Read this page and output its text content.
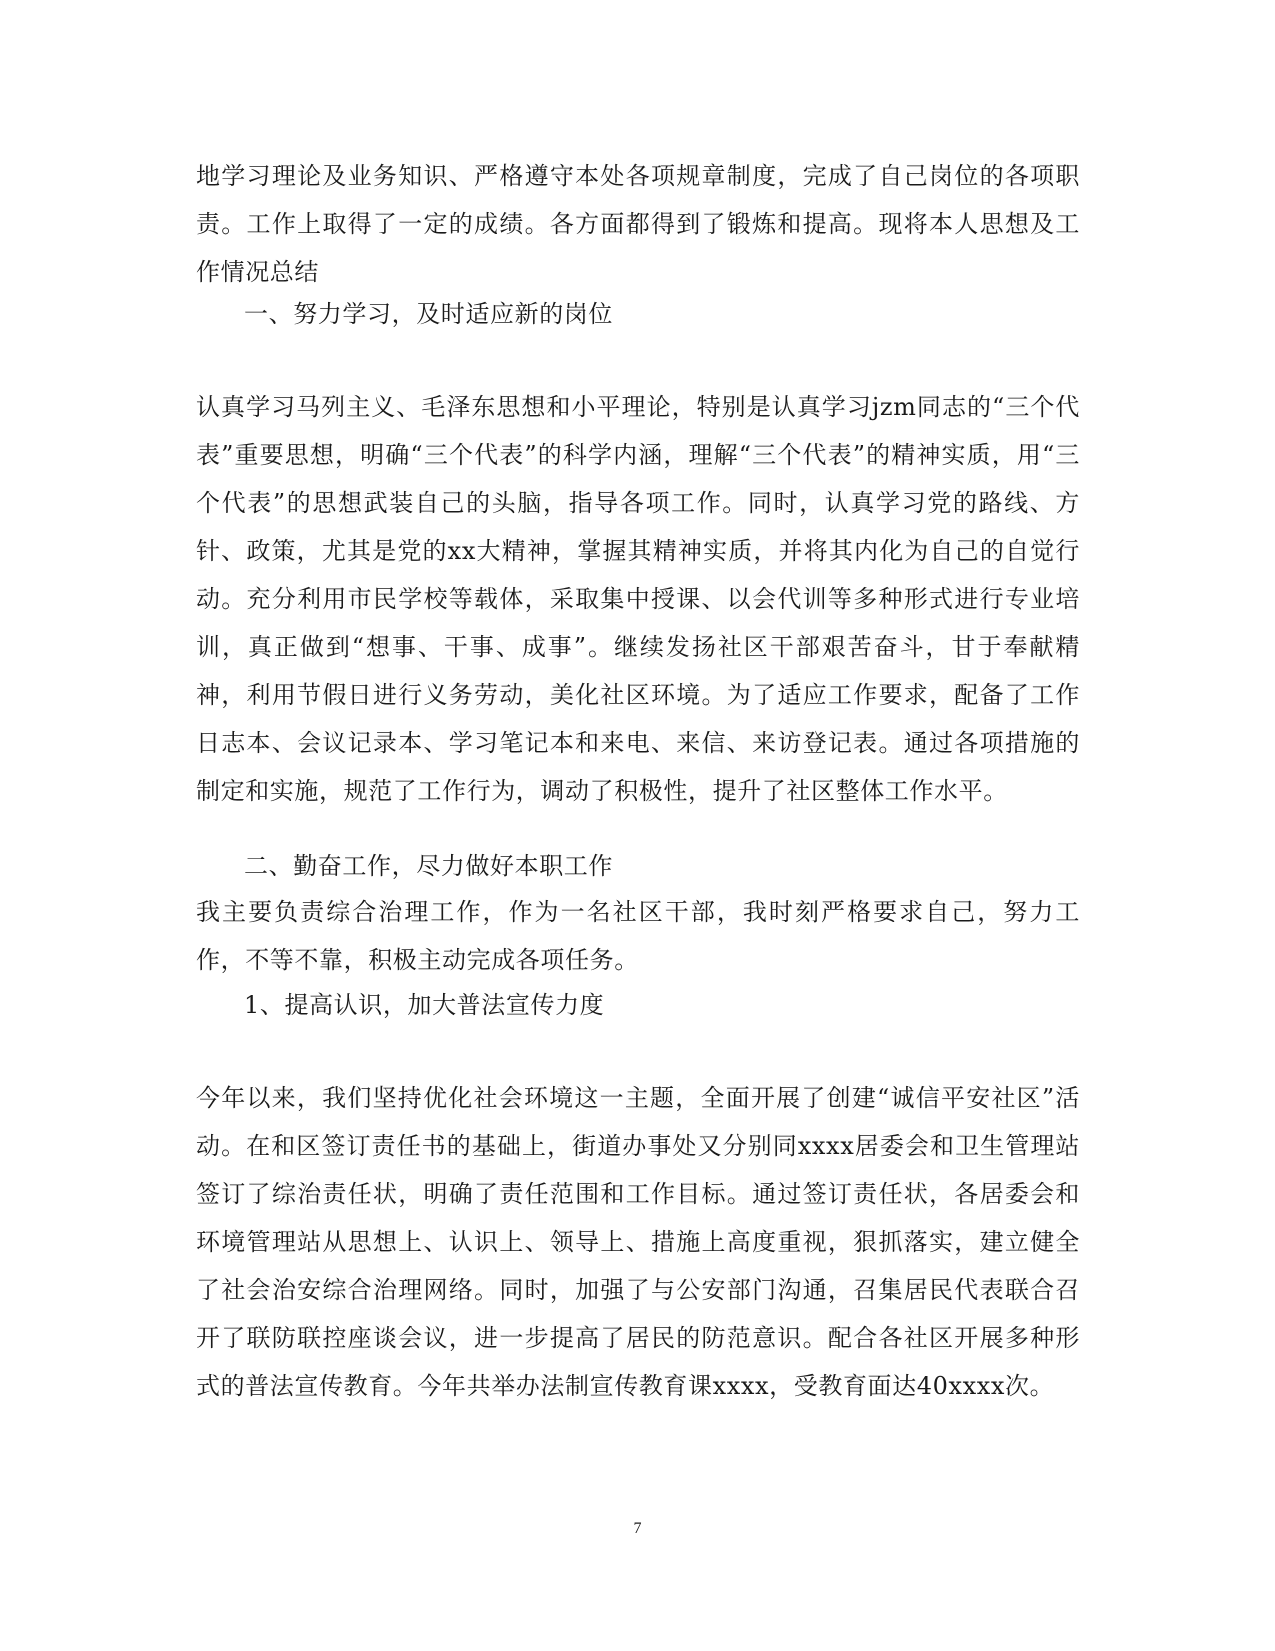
地学习理论及业务知识、严格遵守本处各项规章制度，完成了自己岗位的各项职责。工作上取得了一定的成绩。各方面都得到了锻炼和提高。现将本人思想及工作情况总结

一、努力学习，及时适应新的岗位

认真学习马列主义、毛泽东思想和小平理论，特别是认真学习jzm同志的“三个代表”重要思想，明确“三个代表”的科学内涵，理解“三个代表”的精神实质，用“三个代表”的思想武装自己的头脑，指导各项工作。同时，认真学习党的路线、方针、政策，尤其是党的xx大精神，掌握其精神实质，并将其内化为自己的自觉行动。充分利用市民学校等载体，采取集中授课、以会代训等多种形式进行专业培训，真正做到“想事、干事、成事”。继续发扬社区干部艰苦奋斗，甘于奉献精神，利用节假日进行义务劳动，美化社区环境。为了适应工作要求，配备了工作日志本、会议记录本、学习笔记本和来电、来信、来访登记表。通过各项措施的制定和实施，规范了工作行为，调动了积极性，提升了社区整体工作水平。

二、勤奋工作，尽力做好本职工作

我主要负责综合治理工作，作为一名社区干部，我时刻严格要求自己，努力工作，不等不靠，积极主动完成各项任务。

1、提高认识，加大普法宣传力度

今年以来，我们坚持优化社会环境这一主题，全面开展了创建“诚信平安社区”活动。在和区签订责任书的基础上，街道办事处又分别同xxxx居委会和卫生管理站签订了综治责任状，明确了责任范围和工作目标。通过签订责任状，各居委会和环境管理站从思想上、认识上、领导上、措施上高度重视，狠抓落实，建立健全了社会治安综合治理网络。同时，加强了与公安部门沟通，召集居民代表联合召开了联防联控座谈会议，进一步提高了居民的防范意识。配合各社区开展多种形式的普法宣传教育。今年共举办法制宣传教育课xxxx，受教育面达40xxxx次。

7
